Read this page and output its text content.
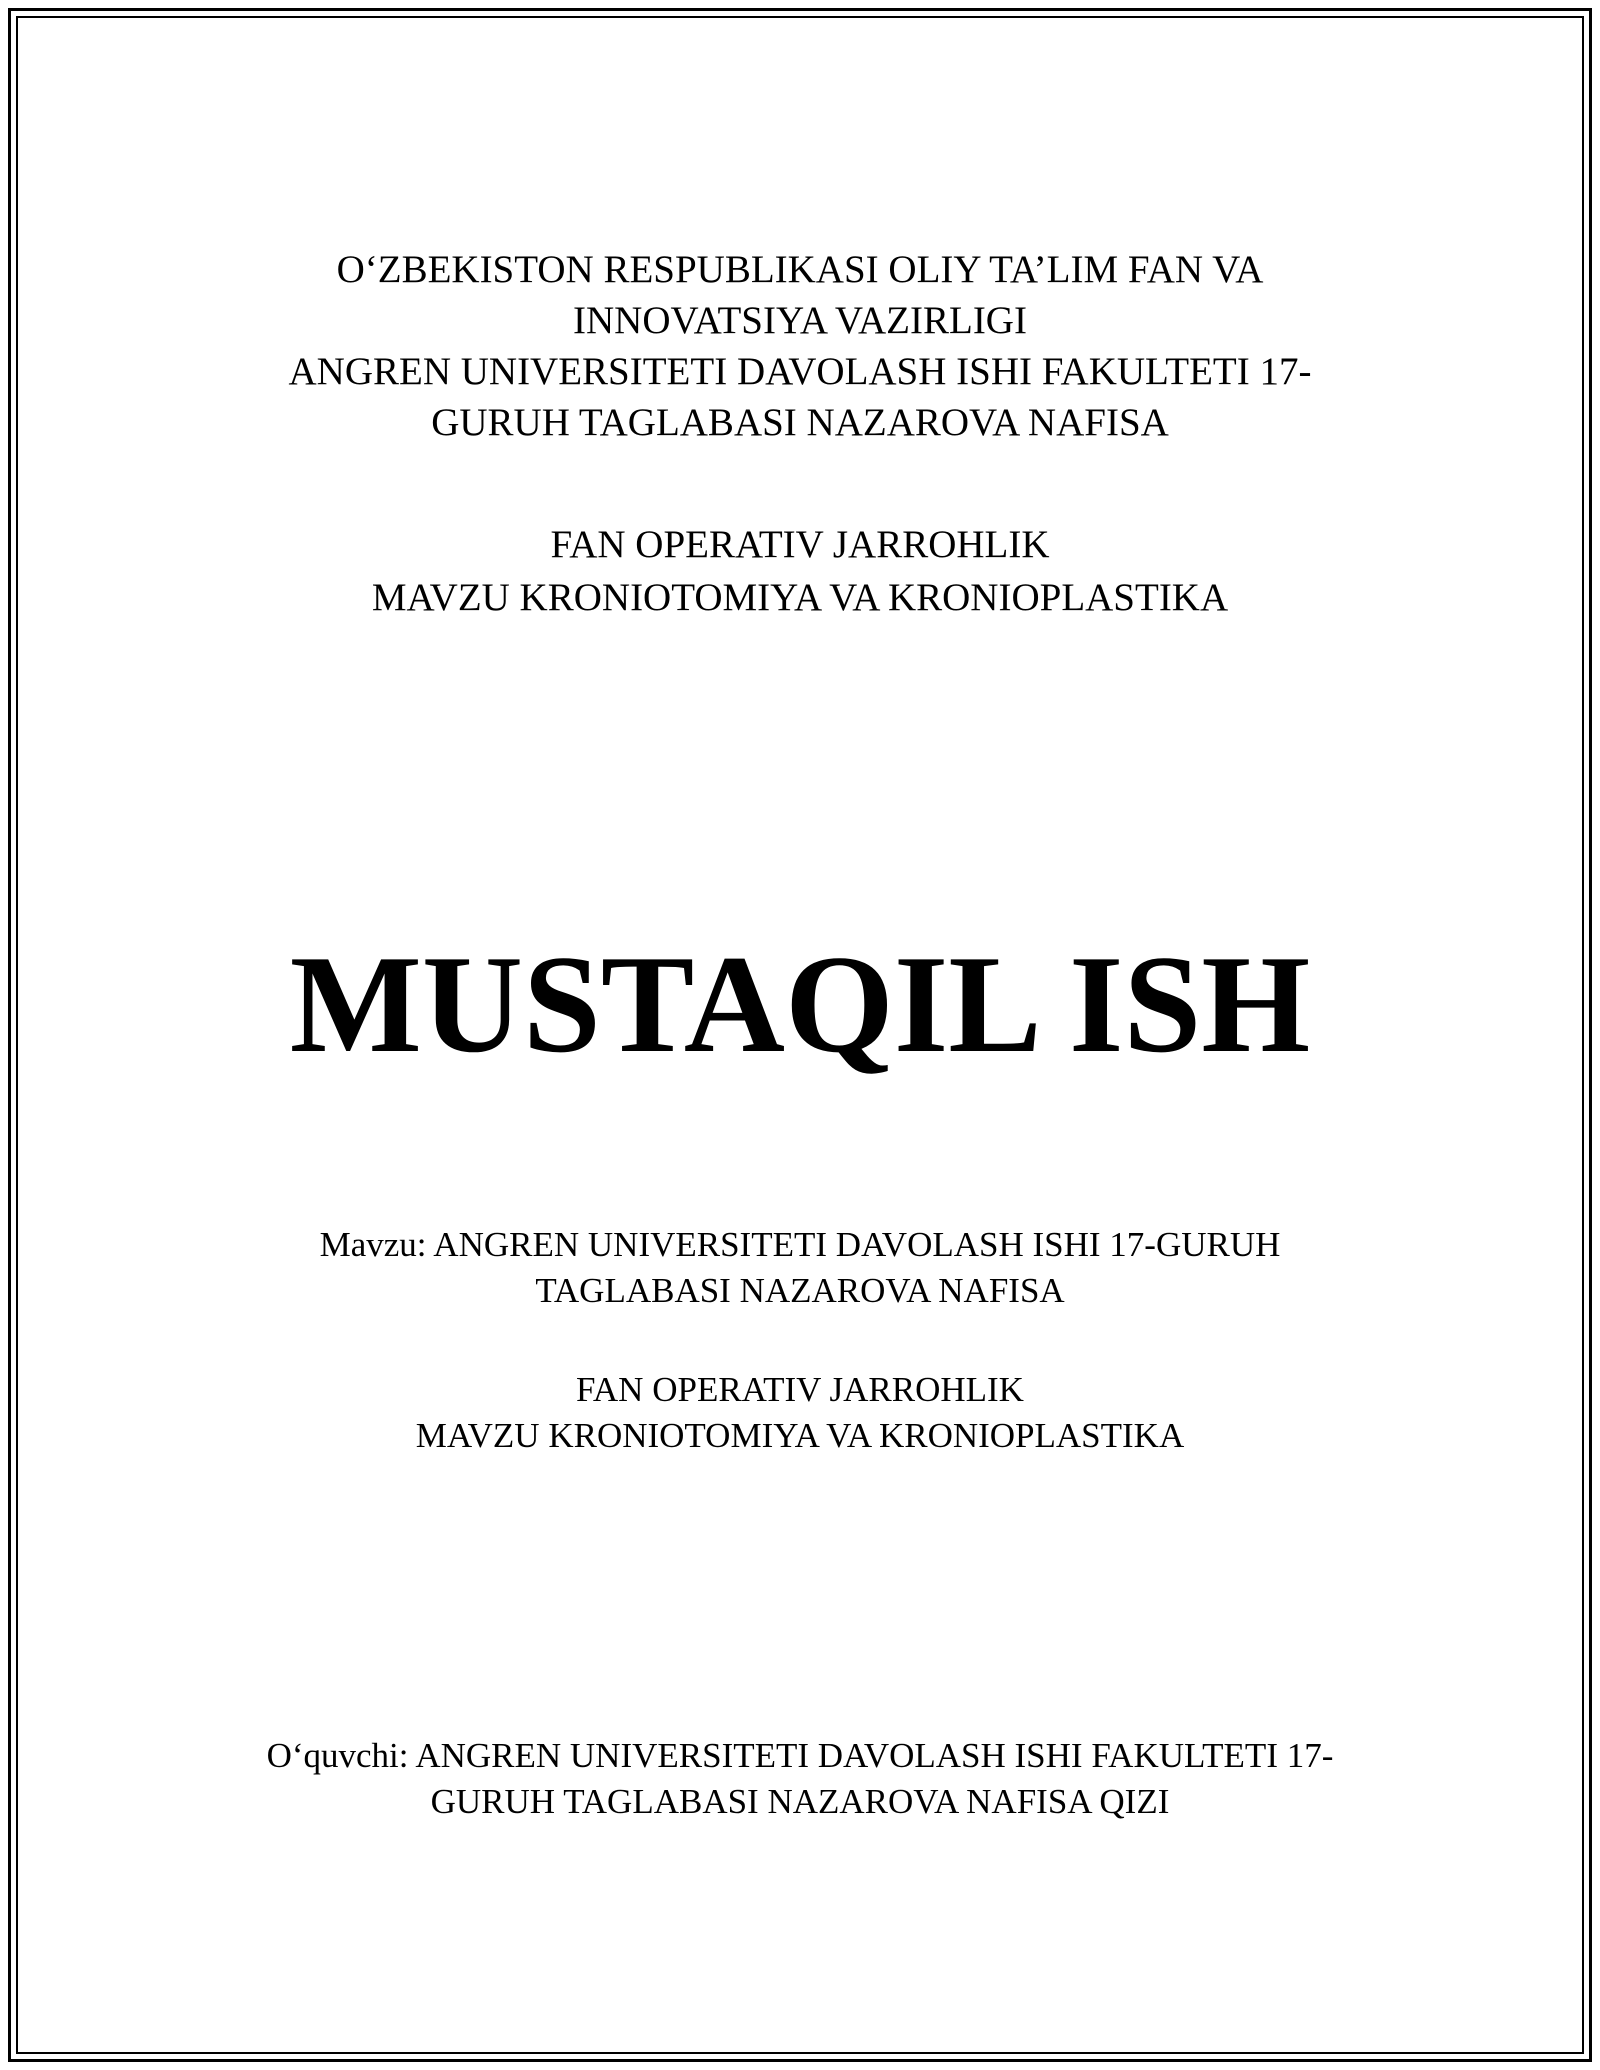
O‘ZBEKISTON RESPUBLIKASI OLIY TA’LIM FAN VA
INNOVATSIYA VAZIRLIGI
ANGREN UNIVERSITETI DAVOLASH ISHI FAKULTETI 17-
GURUH TAGLABASI NAZAROVA NAFISA
FAN OPERATIV JARROHLIK
MAVZU KRONIOTOMIYA VA KRONIOPLASTIKA
MUSTAQIL ISH
Mavzu: ANGREN UNIVERSITETI DAVOLASH ISHI 17-GURUH
TAGLABASI NAZAROVA NAFISA
FAN OPERATIV JARROHLIK
MAVZU KRONIOTOMIYA VA KRONIOPLASTIKA
O‘quvchi: ANGREN UNIVERSITETI DAVOLASH ISHI FAKULTETI 17-
GURUH TAGLABASI NAZAROVA NAFISA QIZI
